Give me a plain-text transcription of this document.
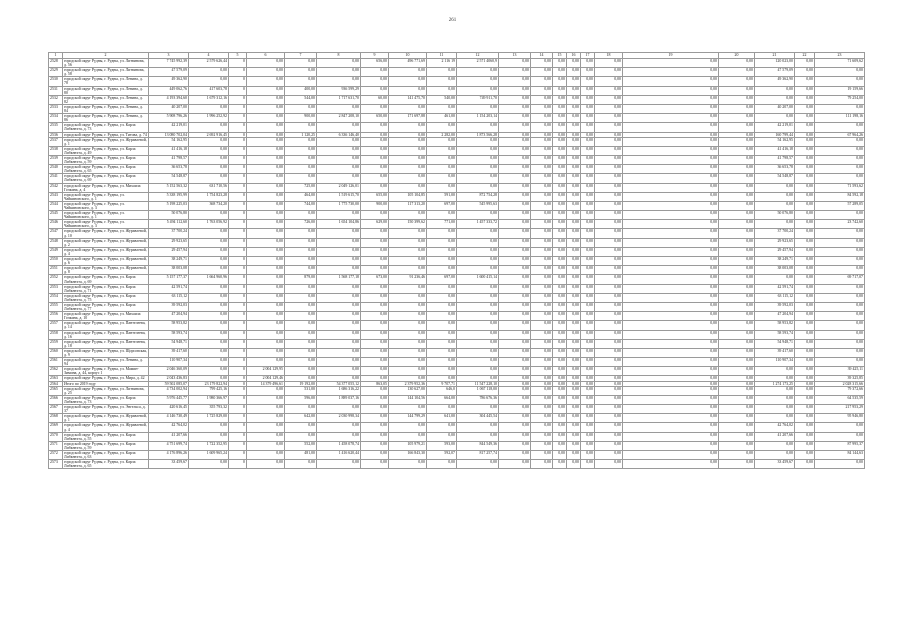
261
1	2	3	4	5	6	7	8	9	10	11	12	13	14	15	16	17	18	19	20	21	22	23
2528	городской округ Рудны, г. Рудны, ул. Литвинова, д. 56	7 745 992,39	2 579 626,44	0	0,00	0,00	0,00	656,00	496 771,69	2 116 19	2 571 4060,9	0,00	0,00	0,00	0,00	0,00	0,00	0,00	0,00	120 023,00	0,00	71 609,62
2529	городской округ Рудны, г. Рудны, ул. Литвинова, д. 58	47 579,09	0,00	0	0,00	0,00	0,00	0,00	0,00	0,00	0,00	0,00	0,00	0,00	0,00	0,00	0,00	0,00	0,00	47 579,09	0,00	0,00
2530	городской округ Рудны, г. Рудны, ул. Ленина, д. 78	49 362,90	0,00	0	0,00	0,00	0,00	0,00	0,00	0,00	0,00	0,00	0,00	0,00	0,00	0,00	0,00	0,00	0,00	49 362,90	0,00	0,00
2531	городской округ Рудны, г. Рудны, ул. Ленина, д. 80	449 062,76	417 603,78	0	0,00	400,00	936 599,29	0,00	0,00	0,00	0,00	0,00	0,00	0,00	0,00	0,00	0,00	0,00	0,00	0,00	0,00	19 159,66
2532	городской округ Рудны, г. Рудны, ул. Ленина, д. 82	4 193 394,60	1 679 312,16	0	0,00	544,00	1 717 631,70	60,00	141 475,70	540,00	749 911,70	0,00	0,00	0,00	0,00	0,00	0,00	0,00	0,00	0,00	0,00	79 254,00
2533	городской округ Рудны, г. Рудны, ул. Ленина, д. 84	40 207,00	0,00	0	0,00	0,00	0,00	0,00	0,00	0,00	0,00	0,00	0,00	0,00	0,00	0,00	0,00	0,00	0,00	40 207,00	0,00	0,00
2534	городской округ Рудны, г. Рудны, ул. Ленина, д. 86	5 908 796,26	1 996 252,92	0	0,00	900,00	2 847 208,10	650,00	171 697,88	461,00	1 154 203,14	0,00	0,00	0,00	0,00	0,00	0,00	0,00	0,00	0,00	0,00	111 198,16
2535	городской округ Рудны, г. Рудны, ул. Карла Либкнехта, д. 73	42 219,01	0,00	0	0,00	0,00	0,00	0,00	0,00	0,00	0,00	0,00	0,00	0,00	0,00	0,00	0,00	0,00	0,00	42 219,01	0,00	0,00
2536	городской округ Рудны, г. Рудны, ул. Титова, д. 74	13 080 702,04	2 692 916,45	0	0,00	1 120,25	6 336 146,40	0,00	0,00	2 282,00	1 873 566,28	0,00	0,00	0,00	0,00	0,00	0,00	0,00	0,00	160 799,44	0,00	67 964,26
2537	городской округ Рудны, г. Рудны, ул. Журавлевой, д. 1	54 162,95	0,00	0	0,00	0,00	0,00	0,00	0,00	0,00	0,00	0,00	0,00	0,00	0,00	0,00	0,00	0,00	0,00	54 162,95	0,00	0,00
2538	городской округ Рудны, г. Рудны, ул. Карла Либкнехта, д. 49	41 416,18	0,00	0	0,00	0,00	0,00	0,00	0,00	0,00	0,00	0,00	0,00	0,00	0,00	0,00	0,00	0,00	0,00	41 416,18	0,00	0,00
2539	городской округ Рудны, г. Рудны, ул. Карла Либкнехта, д. 59	41 798,57	0,00	0	0,00	0,00	0,00	0,00	0,00	0,00	0,00	0,00	0,00	0,00	0,00	0,00	0,00	0,00	0,00	41 798,57	0,00	0,00
2540	городской округ Рудны, г. Рудны, ул. Карла Либкнехта, д. 65	36 653,78	0,00	0	0,00	0,00	0,00	0,00	0,00	0,00	0,00	0,00	0,00	0,00	0,00	0,00	0,00	0,00	0,00	36 653,78	0,00	0,00
2541	городской округ Рудны, г. Рудны, ул. Карла Либкнехта, д. 69	54 548,87	0,00	0	0,00	0,00	0,00	0,00	0,00	0,00	0,00	0,00	0,00	0,00	0,00	0,00	0,00	0,00	0,00	54 548,87	0,00	0,00
2542	городской округ Рудны, г. Рудны, ул. Михаила Гочкина, д. 4	5 152 563,32	631 710,56	0	0,00	725,00	2 049 126,01	0,00	0,00	0,00	0,00	0,00	0,00	0,00	0,00	0,00	0,00	0,00	0,00	0,00	0,00	71 593,62
2543	городской округ Рудны, г. Рудны, ул. Чайкиновского, д. 1	5 338 195,99	1 754 823,28	0	0,00	464,00	1 519 615,70	655,00	105 104,85	591,00	872 754,28	0,00	0,00	0,00	0,00	0,00	0,00	0,00	0,00	0,00	0,00	84 592,18
2544	городской округ Рудны, г. Рудны, ул. Чайкиновского, д. 3	5 198 225,03	368 734,20	0	0,00	744,00	1 775 730,00	900,00	117 313,20	697,00	545 995,63	0,00	0,00	0,00	0,00	0,00	0,00	0,00	0,00	0,00	0,00	57 289,05
2545	городской округ Рудны, г. Рудны, ул. Чайкиновского, д. 1	50 076,80	0,00	0	0,00	0,00	0,00	0,00	0,00	0,00	0,00	0,00	0,00	0,00	0,00	0,00	0,00	0,00	0,00	50 076,80	0,00	0,00
2546	городской округ Рудны, г. Рудны, ул. Чайкиновского, д. 3	5 494 112,60	1 763 056,92	0	0,00	726,00	1 654 104,86	629,00	150 399,62	771,00	1 457 333,72	0,00	0,00	0,00	0,00	0,00	0,00	0,00	0,00	0,00	0,00	23 742,60
2547	городской округ Рудны, г. Рудны, ул. Журавлевой, д. 10	37 700,24	0,00	0	0,00	0,00	0,00	0,00	0,00	0,00	0,00	0,00	0,00	0,00	0,00	0,00	0,00	0,00	0,00	37 700,24	0,00	0,00
2548	городской округ Рудны, г. Рудны, ул. Журавлевой, д. 2	29 923,65	0,00	0	0,00	0,00	0,00	0,00	0,00	0,00	0,00	0,00	0,00	0,00	0,00	0,00	0,00	0,00	0,00	29 923,65	0,00	0,00
2549	городской округ Рудны, г. Рудны, ул. Журавлевой, д. 4	29 457,94	0,00	0	0,00	0,00	0,00	0,00	0,00	0,00	0,00	0,00	0,00	0,00	0,00	0,00	0,00	0,00	0,00	29 457,94	0,00	0,00
2550	городской округ Рудны, г. Рудны, ул. Журавлевой, д. 6	38 249,71	0,00	0	0,00	0,00	0,00	0,00	0,00	0,00	0,00	0,00	0,00	0,00	0,00	0,00	0,00	0,00	0,00	38 249,71	0,00	0,00
2551	городской округ Рудны, г. Рудны, ул. Журавлевой, д. 8	38 003,08	0,00	0	0,00	0,00	0,00	0,00	0,00	0,00	0,00	0,00	0,00	0,00	0,00	0,00	0,00	0,00	0,00	38 003,08	0,00	0,00
2552	городской округ Рудны, г. Рудны, ул. Карла Либкнехта, д. 69	5 157 177,37	1 664 960,96	0	0,00	879,00	1 568 177,18	673,00	91 236,46	697,00	1 600 415,14	0,00	0,00	0,00	0,00	0,00	0,00	0,00	0,00	0,00	0,00	69 717,07
2553	городской округ Рудны, г. Рудны, ул. Карла Либкнехта, д. 71	42 591,74	0,00	0	0,00	0,00	0,00	0,00	0,00	0,00	0,00	0,00	0,00	0,00	0,00	0,00	0,00	0,00	0,00	42 591,74	0,00	0,00
2554	городской округ Рудны, г. Рудны, ул. Карла Либкнехта, д. 75	63 115,12	0,00	0	0,00	0,00	0,00	0,00	0,00	0,00	0,00	0,00	0,00	0,00	0,00	0,00	0,00	0,00	0,00	63 115,12	0,00	0,00
2555	городской округ Рудны, г. Рудны, ул. Карла Либкнехта, д. 77	39 592,03	0,00	0	0,00	0,00	0,00	0,00	0,00	0,00	0,00	0,00	0,00	0,00	0,00	0,00	0,00	0,00	0,00	39 592,03	0,00	0,00
2556	городской округ Рудны, г. Рудны, ул. Михаила Гочкина, д. 10	47 204,94	0,00	0	0,00	0,00	0,00	0,00	0,00	0,00	0,00	0,00	0,00	0,00	0,00	0,00	0,00	0,00	0,00	47 204,94	0,00	0,00
2557	городской округ Рудны, г. Рудны, ул. Пантелеева, д. 14	58 953,82	0,00	0	0,00	0,00	0,00	0,00	0,00	0,00	0,00	0,00	0,00	0,00	0,00	0,00	0,00	0,00	0,00	58 953,82	0,00	0,00
2558	городской округ Рудны, г. Рудны, ул. Пантелеева, д. 16	58 593,74	0,00	0	0,00	0,00	0,00	0,00	0,00	0,00	0,00	0,00	0,00	0,00	0,00	0,00	0,00	0,00	0,00	58 593,74	0,00	0,00
2559	городской округ Рудны, г. Рудны, ул. Пантелеева, д. 18	54 948,71	0,00	0	0,00	0,00	0,00	0,00	0,00	0,00	0,00	0,00	0,00	0,00	0,00	0,00	0,00	0,00	0,00	54 948,71	0,00	0,00
2560	городской округ Рудны, г. Рудны, ул. Щорсовская, д. 9	39 417,60	0,00	0	0,00	0,00	0,00	0,00	0,00	0,00	0,00	0,00	0,00	0,00	0,00	0,00	0,00	0,00	0,00	39 417,60	0,00	0,00
2561	городской округ Рудны, г. Рудны, ул. Ленина, д. 94	110 907,34	0,00	0	0,00	0,00	0,00	0,00	0,00	0,00	0,00	0,00	0,00	0,00	0,00	0,00	0,00	0,00	0,00	110 907,34	0,00	0,00
2562	городской округ Рудны, г. Рудны, ул. Мамин-Зимина, д. 44, корпус 1	2 046 360,09	0,00	0	2 004 129,95	0,00	0,00	0,00	0,00	0,00	0,00	0,00	0,00	0,00	0,00	0,00	0,00	0,00	0,00	0,00	0,00	39 425,11
2563	городской округ Рудны, г. Рудны, ул. Мира, д. 42	2 043 436,83	0,00	0	2 004 129,46	0,00	0,00	0,00	0,00	0,00	0,00	0,00	0,00	0,00	0,00	0,00	0,00	0,00	0,00	0,00	0,00	39 325,85
2564	Итого по 2019 году	59 502 085,07	23 179 822,94	0	14 379 496,61	19 192,00	54 377 055,12	863,05	2 379 952,36	9 707,71	11 547 228,10	0,00	0,00	0,00	0,00	0,00	0,00	0,00	0,00	1 274 173,25	0,00	2 028 315,66
2565	городской округ Рудны, г. Рудны, ул. Литвинова, д. 25	4 734 002,94	799 425,16	0	0,00	531,00	1 686 316,22	0,00	130 627,00	646,0	1 067 118,00	0,00	0,00	0,00	0,00	0,00	0,00	0,00	0,00	0,00	0,00	79 372,66
2566	городской округ Рудны, г. Рудны, ул. Карла Либкнехта, д. 73	5 976 445,77	1 980 366,97	0	0,00	596,00	1 889 037,16	0,00	144 104,56	664,00	786 676,36	0,00	0,00	0,00	0,00	0,00	0,00	0,00	0,00	0,00	0,00	64 535,59
2567	городской округ Рудны, г. Рудны, ул. Энгельса, д. 37	420 616,45	355 793,32	0	0,00	0,00	0,00	0,00	0,00	0,00	0,00	0,00	0,00	0,00	0,00	0,00	0,00	0,00	0,00	0,00	0,00	217 953,29
2568	городской округ Рудны, г. Рудны, ул. Журавлевой, д. 1	4 146 730,49	1 725 829,00	0	0,00	642,00	2 030 998,34	0,00	144 799,29	641,00	304 445,54	0,00	0,00	0,00	0,00	0,00	0,00	0,00	0,00	0,00	0,00	95 946,80
2569	городской округ Рудны, г. Рудны, ул. Журавлевой, д. 4	42 764,02	0,00	0	0,00	0,00	0,00	0,00	0,00	0,00	0,00	0,00	0,00	0,00	0,00	0,00	0,00	0,00	0,00	42 764,02	0,00	0,00
2570	городской округ Рудны, г. Рудны, ул. Карла Либкнехта, д. 55	41 207,66	0,00	0	0,00	0,00	0,00	0,00	0,00	0,00	0,00	0,00	0,00	0,00	0,00	0,00	0,00	0,00	0,00	41 207,66	0,00	0,00
2571	городской округ Рудны, г. Рудны, ул. Карла Либкнехта, д. 59	4 751 699,74	1 722 352,95	0	0,00	552,00	1 458 078,74	0,00	105 979,21	593,00	844 549,36	0,00	0,00	0,00	0,00	0,00	0,00	0,00	0,00	0,00	0,00	87 995,37
2572	городской округ Рудны, г. Рудны, ул. Карла Либкнехта, д. 63	4 176 896,26	1 609 965,24	0	0,00	481,00	1 416 620,44	0,00	166 843,30	592,07	817 257,74	0,00	0,00	0,00	0,00	0,00	0,00	0,00	0,00	0,00	0,00	84 144,63
2573	городской округ Рудны, г. Рудны, ул. Карла Либкнехта, д. 65	33 459,67	0,00	0	0,00	0,00	0,00	0,00	0,00	0,00	0,00	0,00	0,00	0,00	0,00	0,00	0,00	0,00	0,00	33 459,67	0,00	0,00
